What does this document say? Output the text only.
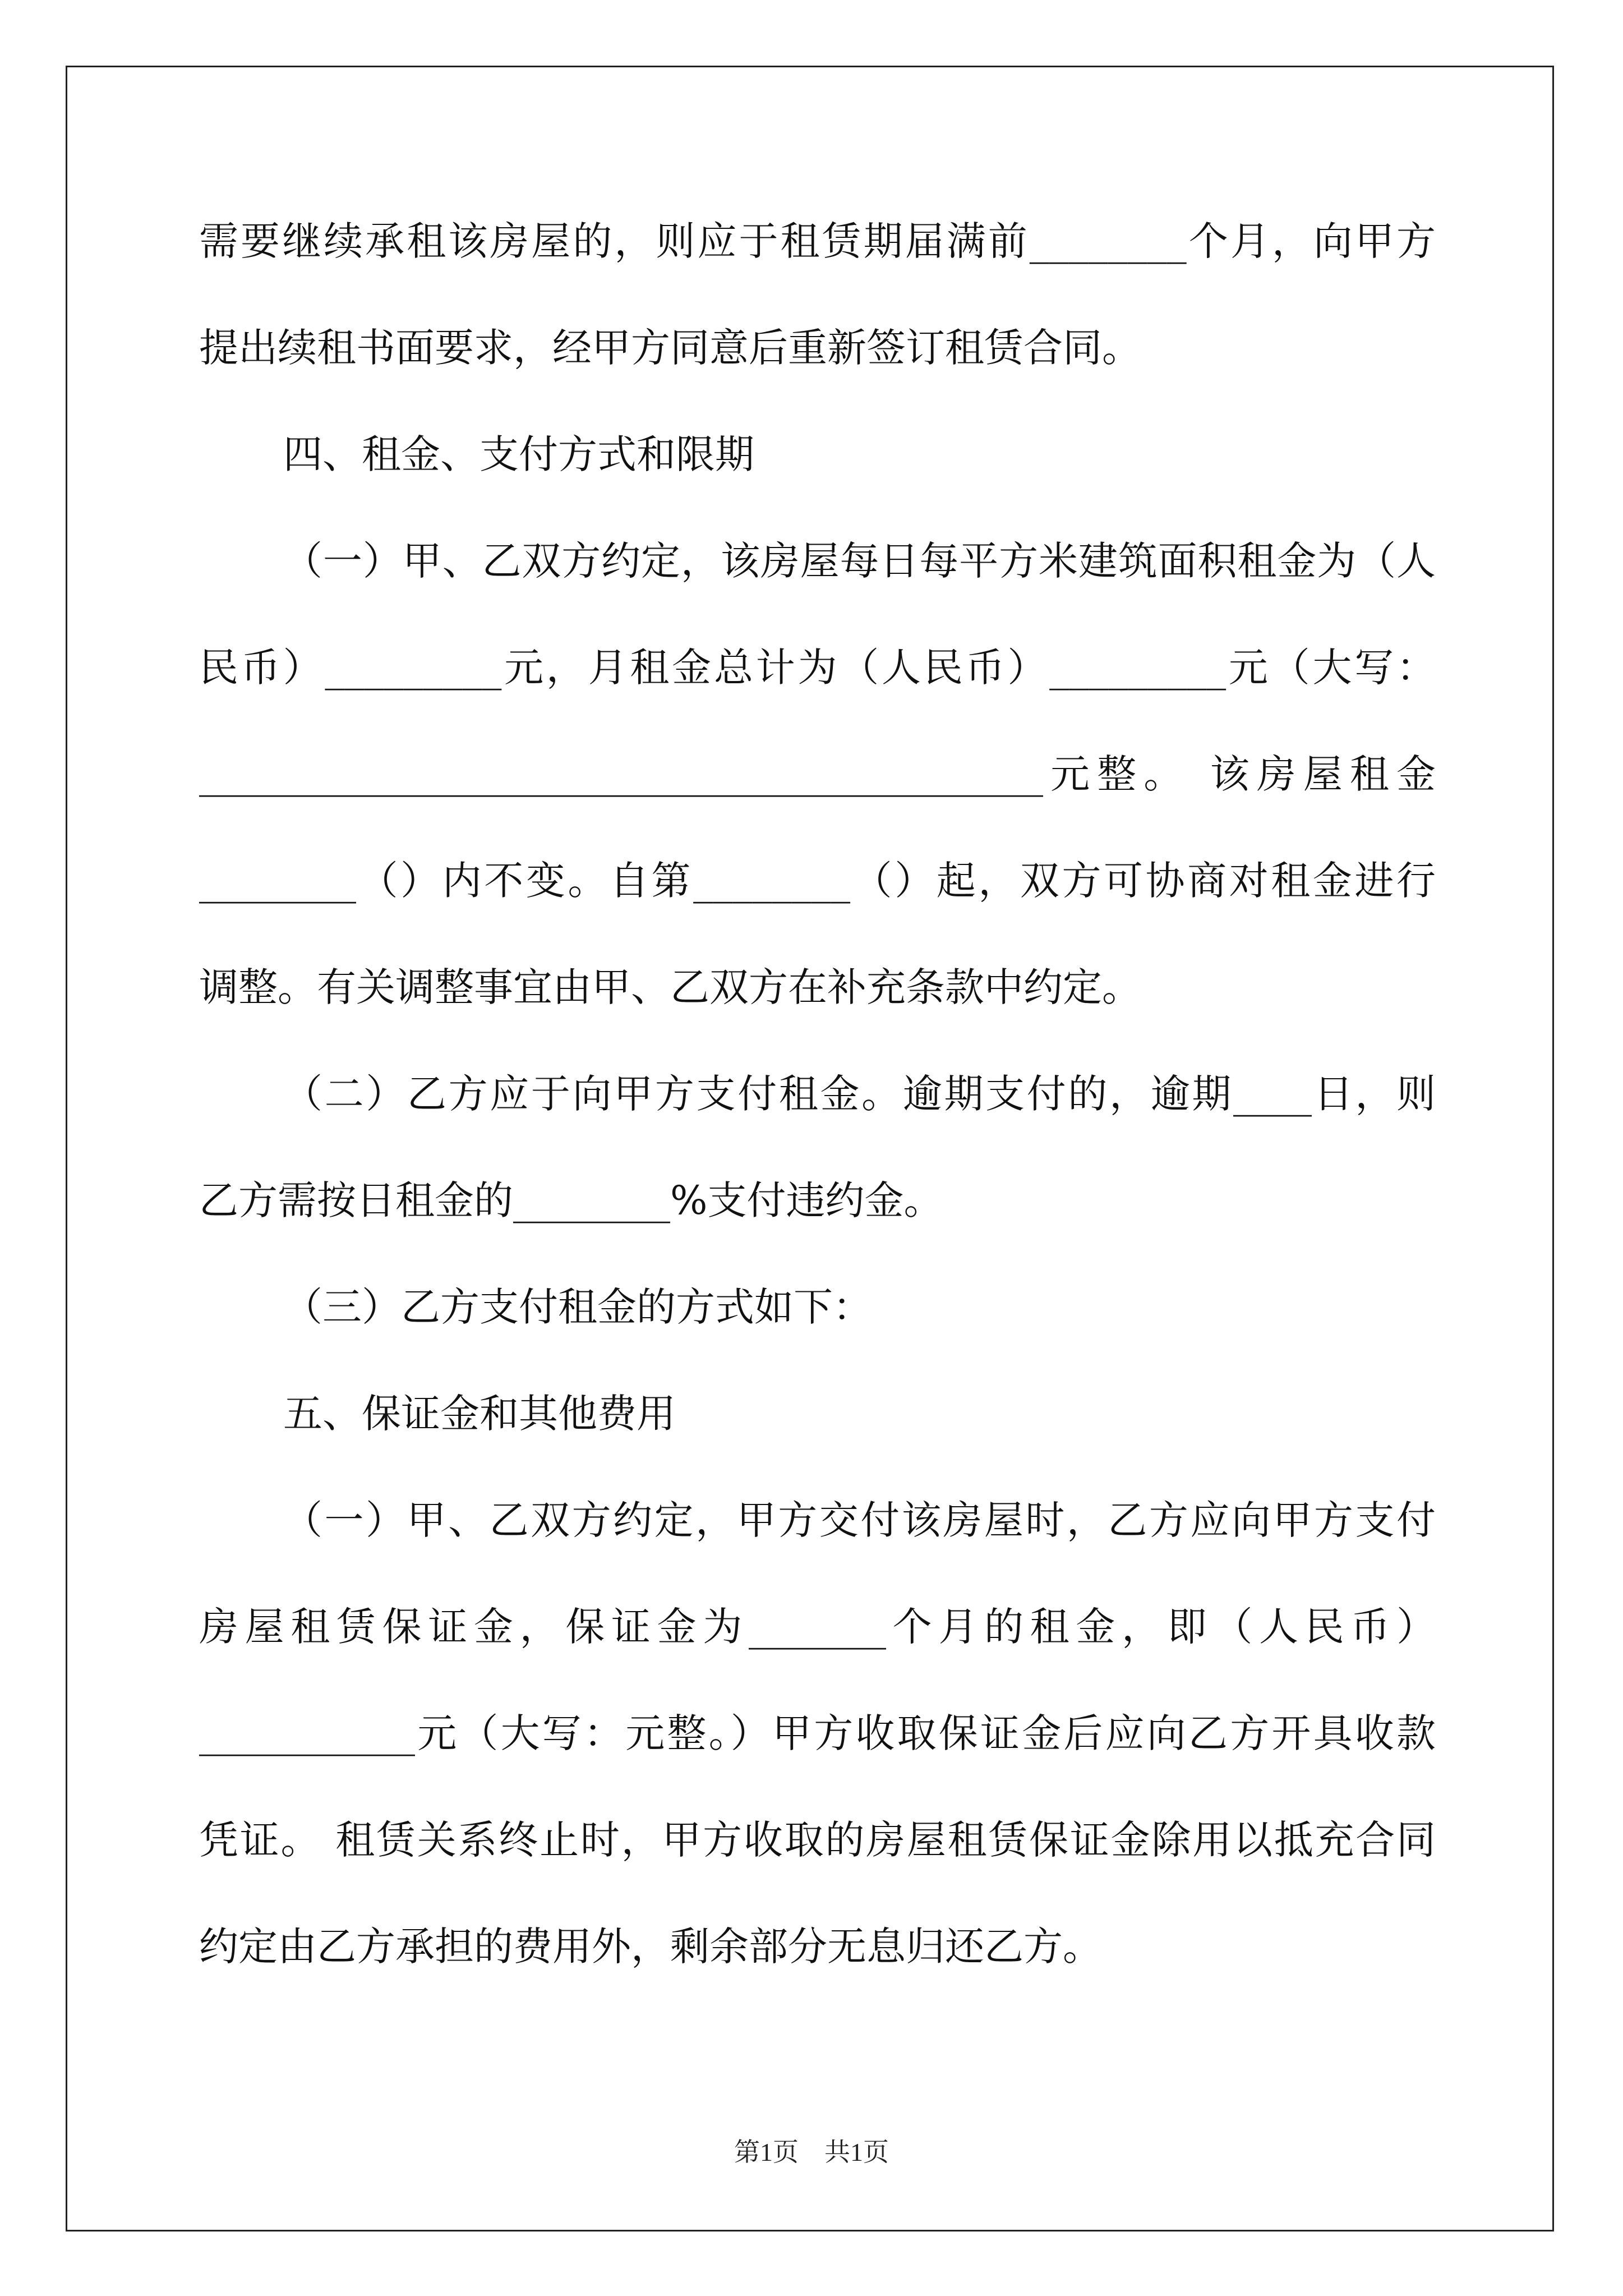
需要继续承租该房屋的，则应于租赁期届满前________个月，向甲方
提出续租书面要求，经甲方同意后重新签订租赁合同。
四、租金、支付方式和限期
（一）甲、乙双方约定，该房屋每日每平方米建筑面积租金为（人
民币）_________元，月租金总计为（人民币）_________元（大写：
___________________________________________元整。 该房屋租金
________（）内不变。自第________（）起，双方可协商对租金进行
调整。有关调整事宜由甲、乙双方在补充条款中约定。
（二）乙方应于向甲方支付租金。逾期支付的，逾期____日，则
乙方需按日租金的________%支付违约金。
（三）乙方支付租金的方式如下：
五、保证金和其他费用
（一）甲、乙双方约定，甲方交付该房屋时，乙方应向甲方支付
房屋租赁保证金，保证金为_______个月的租金，即（人民币）
___________元（大写：元整。）甲方收取保证金后应向乙方开具收款
凭证。 租赁关系终止时，甲方收取的房屋租赁保证金除用以抵充合同
约定由乙方承担的费用外，剩余部分无息归还乙方。
第1页　共1页
